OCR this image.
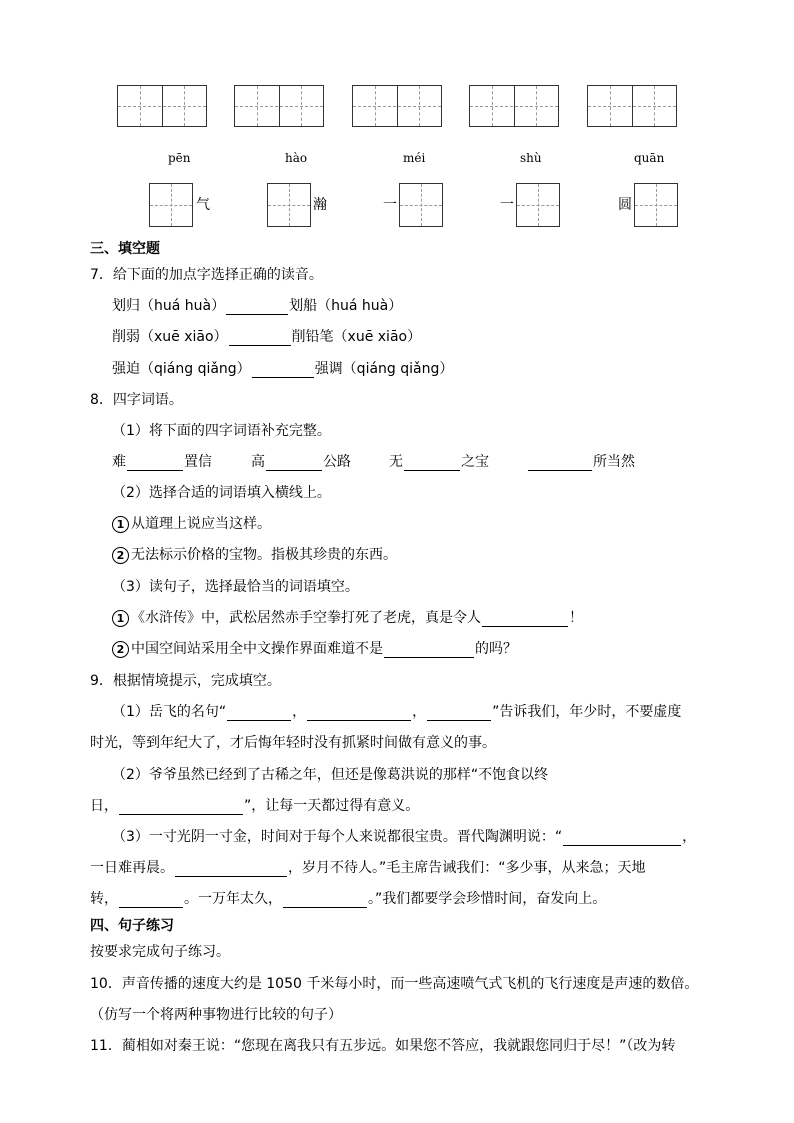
pēn	hào	méi	shù	quān
气	瀚	一	一	圆
三、填空题
7．给下面的加点字选择正确的读音。
划归（huá huà）	划船（huá huà）
削弱（xuē xiāo）	削铅笔（xuē xiāo）
强迫（qiáng qiǎng）	强调（qiáng qiǎng）
8．四字词语。
（1）将下面的四字词语补充完整。
难	置信	高	公路	无	之宝	所当然
（2）选择合适的词语填入横线上。
1 从道理上说应当这样。
2 无法标示价格的宝物。指极其珍贵的东西。
（3）读句子，选择最恰当的词语填空。
1 《水浒传》中，武松居然赤手空拳打死了老虎，真是令人	！
2 中国空间站采用全中文操作界面难道不是	的吗？
9．根据情境提示，完成填空。
（1）岳飞的名句“	，	，	”告诉我们，年少时，不要虚度
时光，等到年纪大了，才后悔年轻时没有抓紧时间做有意义的事。
（2）爷爷虽然已经到了古稀之年，但还是像葛洪说的那样“不饱食以终
日，	”，让每一天都过得有意义。
（3）一寸光阴一寸金，时间对于每个人来说都很宝贵。晋代陶渊明说：“	，
一日难再晨。	，岁月不待人。”毛主席告诫我们：“多少事，从来急；天地
转，	。一万年太久，	。”我们都要学会珍惜时间，奋发向上。
四、句子练习
按要求完成句子练习。
10．声音传播的速度大约是 1050 千米每小时，而一些高速喷气式飞机的飞行速度是声速的数倍。
（仿写一个将两种事物进行比较的句子）
11．蔺相如对秦王说：“您现在离我只有五步远。如果您不答应，我就跟您同归于尽！”（改为转
